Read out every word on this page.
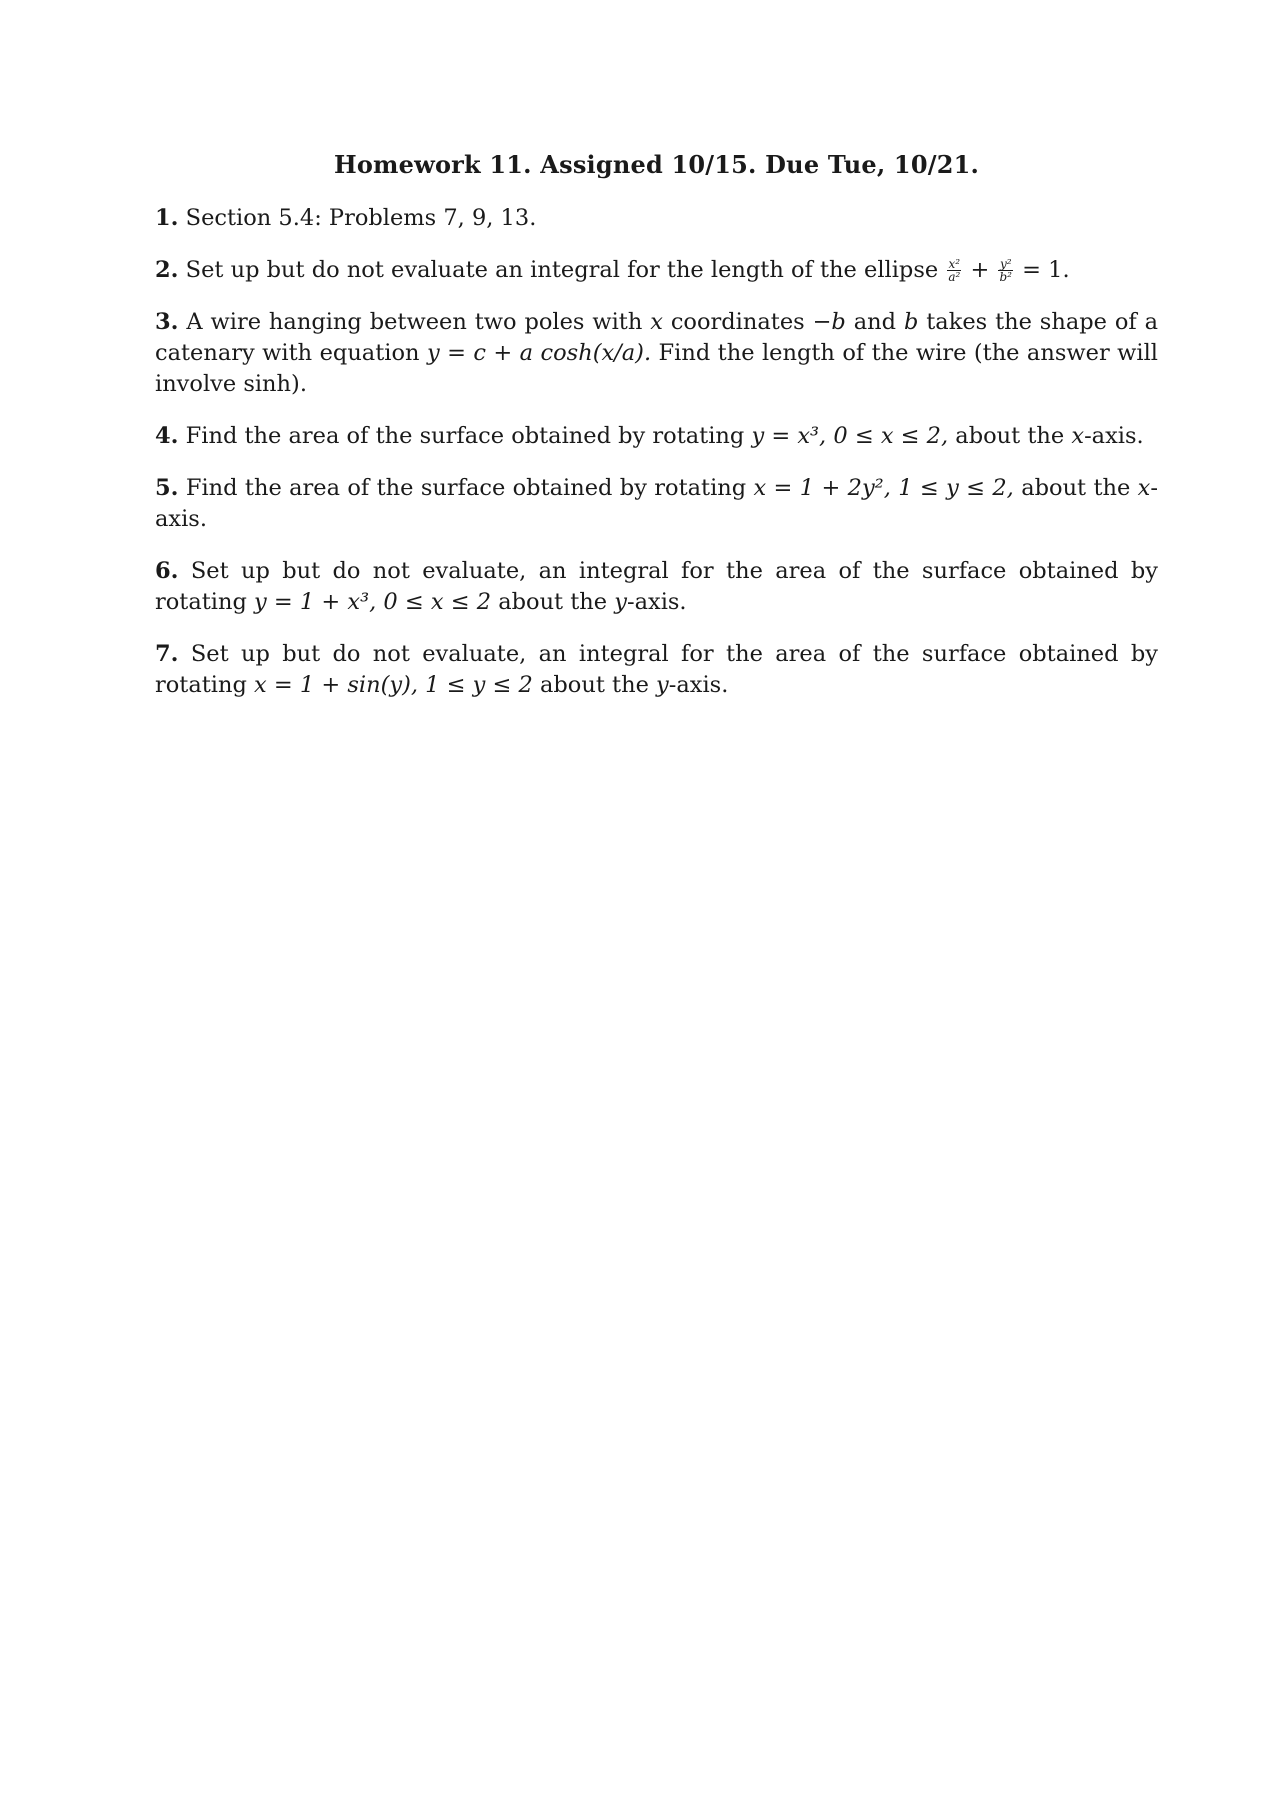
Homework 11. Assigned 10/15. Due Tue, 10/21.
1. Section 5.4: Problems 7, 9, 13.
2. Set up but do not evaluate an integral for the length of the ellipse $\frac{\text{x²}}{\text{a²}} + \frac{\text{y²}}{\text{b²}} = 1$.
3. A wire hanging between two poles with x coordinates −b and b takes the shape of a catenary with equation y = c + a cosh(x/a). Find the length of the wire (the answer will involve sinh).
4. Find the area of the surface obtained by rotating y = x³, 0 ≤ x ≤ 2, about the x-axis.
5. Find the area of the surface obtained by rotating x = 1 + 2y², 1 ≤ y ≤ 2, about the x-axis.
6. Set up but do not evaluate, an integral for the area of the surface obtained by rotating y = 1 + x³, 0 ≤ x ≤ 2 about the y-axis.
7. Set up but do not evaluate, an integral for the area of the surface obtained by rotating x = 1 + sin(y), 1 ≤ y ≤ 2 about the y-axis.
